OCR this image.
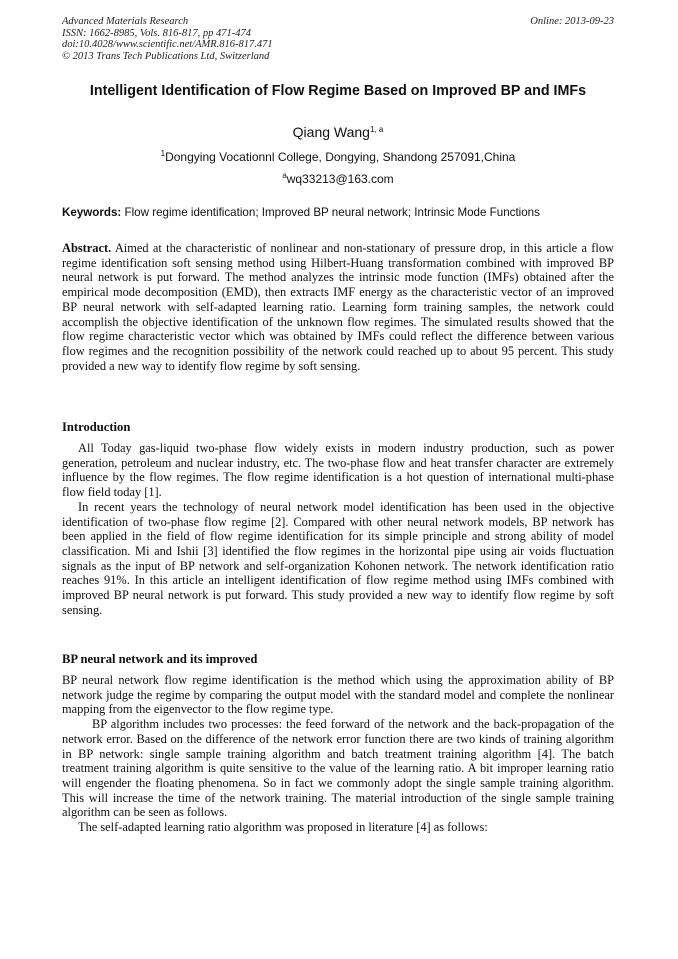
Advanced Materials Research
ISSN: 1662-8985, Vols. 816-817, pp 471-474
doi:10.4028/www.scientific.net/AMR.816-817.471
© 2013 Trans Tech Publications Ltd, Switzerland
Online: 2013-09-23
Intelligent Identification of Flow Regime Based on Improved BP and IMFs
Qiang Wang$^{1, a}$
$^1$Dongying Vocationnl College, Dongying, Shandong 257091,China
$^a$wq33213@163.com
Keywords: Flow regime identification; Improved BP neural network; Intrinsic Mode Functions

Abstract. Aimed at the characteristic of nonlinear and non-stationary of pressure drop, in this article a flow regime identification soft sensing method using Hilbert-Huang transformation combined with improved BP neural network is put forward. The method analyzes the intrinsic mode function (IMFs) obtained after the empirical mode decomposition (EMD), then extracts IMF energy as the characteristic vector of an improved BP neural network with self-adapted learning ratio. Learning form training samples, the network could accomplish the objective identification of the unknown flow regimes. The simulated results showed that the flow regime characteristic vector which was obtained by IMFs could reflect the difference between various flow regimes and the recognition possibility of the network could reached up to about 95 percent. This study provided a new way to identify flow regime by soft sensing.

Introduction

All Today gas-liquid two-phase flow widely exists in modern industry production, such as power generation, petroleum and nuclear industry, etc. The two-phase flow and heat transfer character are extremely influence by the flow regimes. The flow regime identification is a hot question of international multi-phase flow field today [1].

In recent years the technology of neural network model identification has been used in the objective identification of two-phase flow regime [2]. Compared with other neural network models, BP network has been applied in the field of flow regime identification for its simple principle and strong ability of model classification. Mi and Ishii [3] identified the flow regimes in the horizontal pipe using air voids fluctuation signals as the input of BP network and self-organization Kohonen network. The network identification ratio reaches 91%. In this article an intelligent identification of flow regime method using IMFs combined with improved BP neural network is put forward. This study provided a new way to identify flow regime by soft sensing.

BP neural network and its improved

BP neural network flow regime identification is the method which using the approximation ability of BP network judge the regime by comparing the output model with the standard model and complete the nonlinear mapping from the eigenvector to the flow regime type.

BP algorithm includes two processes: the feed forward of the network and the back-propagation of the network error. Based on the difference of the network error function there are two kinds of training algorithm in BP network: single sample training algorithm and batch treatment training algorithm [4]. The batch treatment training algorithm is quite sensitive to the value of the learning ratio. A bit improper learning ratio will engender the floating phenomena. So in fact we commonly adopt the single sample training algorithm. This will increase the time of the network training. The material introduction of the single sample training algorithm can be seen as follows.

The self-adapted learning ratio algorithm was proposed in literature [4] as follows:
